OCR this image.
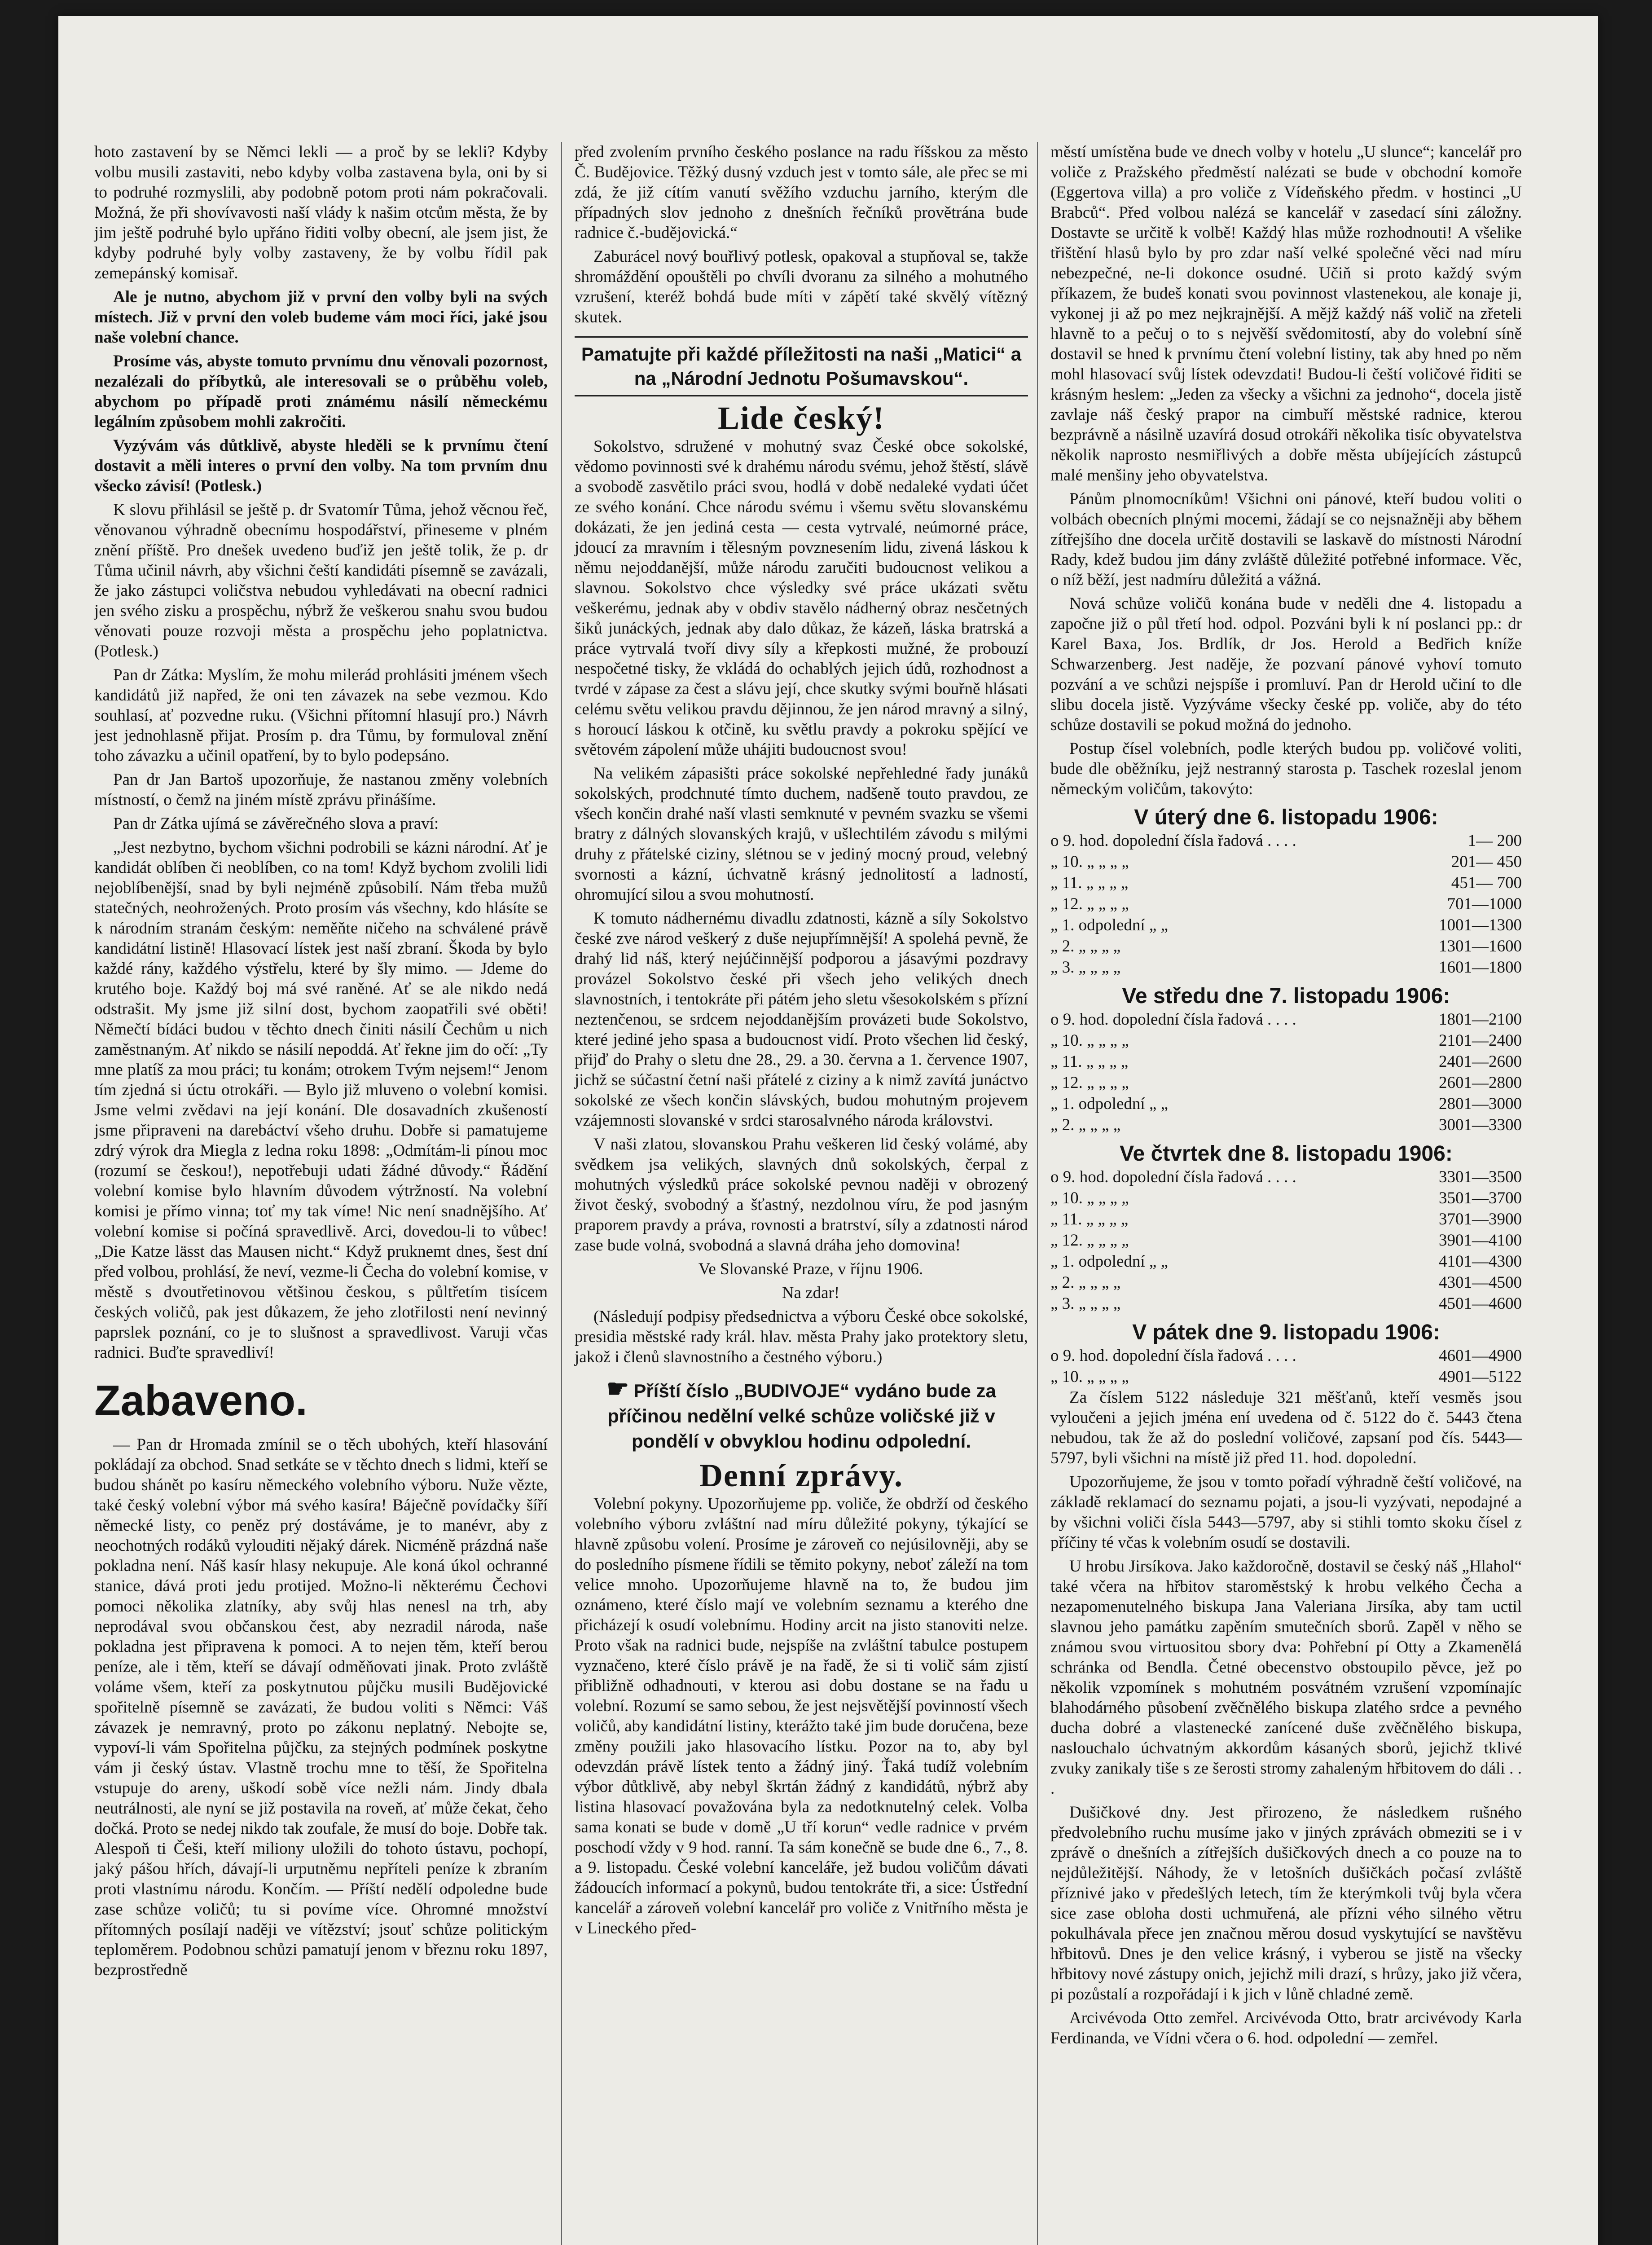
hoto zastavení by se Němci lekli — a proč by se lekli? Kdyby volbu musili zastaviti, nebo kdyby volba zastavena byla, oni by si to podruhé rozmyslili, aby podobně potom proti nám pokračovali. Možná, že při shovívavosti naší vlády k našim otcům města, že by jim ještě podruhé bylo upřáno řiditi volby obecní, ale jsem jist, že kdyby podruhé byly volby zastaveny, že by volbu řídil pak zemepánský komisař.

Ale je nutno, abychom již v první den volby byli na svých místech. Již v první den voleb budeme vám moci říci, jaké jsou naše volební chance.

Prosíme vás, abyste tomuto prvnímu dnu věnovali pozornost, nezalézali do příbytků, ale interesovali se o průběhu voleb, abychom po případě proti známému násilí německému legálním způsobem mohli zakročiti.

Vyzývám vás důtklivě, abyste hleděli se k prvnímu čtení dostavit a měli interes o první den volby. Na tom prvním dnu všecko závisí! (Potlesk.)

K slovu přihlásil se ještě p. dr Svatomír Tůma, jehož věcnou řeč, věnovanou výhradně obecnímu hospodářství, přineseme v plném znění příště. Pro dnešek uvedeno buďiž jen ještě tolik, že p. dr Tůma učinil návrh, aby všichni čeští kandidáti písemně se zavázali, že jako zástupci voličstva nebudou vyhledávati na obecní radnici jen svého zisku a prospěchu, nýbrž že veškerou snahu svou budou věnovati pouze rozvoji města a prospěchu jeho poplatnictva. (Potlesk.)

Pan dr Zátka: Myslím, že mohu milerád prohlásiti jménem všech kandidátů již napřed, že oni ten závazek na sebe vezmou. Kdo souhlasí, ať pozvedne ruku. (Všichni přítomní hlasují pro.) Návrh jest jednohlasně přijat. Prosím p. dra Tůmu, by formuloval znění toho závazku a učinil opatření, by to bylo podepsáno.

Pan dr Jan Bartoš upozorňuje, že nastanou změny volebních místností, o čemž na jiném místě zprávu přinášíme.

Pan dr Zátka ujímá se závěrečného slova a praví:

„Jest nezbytno, bychom všichni podrobili se kázni národní. Ať je kandidát oblíben či neoblíben, co na tom! Když bychom zvolili lidi nejoblíbenější, snad by byli nejméně způsobilí. Nám třeba mužů statečných, neohrožených. Proto prosím vás všechny, kdo hlásíte se k národním stranám českým: neměňte ničeho na schválené právě kandidátní listině! Hlasovací lístek jest naší zbraní. Škoda by bylo každé rány, každého výstřelu, které by šly mimo. — Jdeme do krutého boje. Každý boj má své raněné. Ať se ale nikdo nedá odstrašit. My jsme již silní dost, bychom zaopatřili své oběti! Němečtí bídáci budou v těchto dnech činiti násilí Čechům u nich zaměstnaným. Ať nikdo se násilí nepoddá. Ať řekne jim do očí: „Ty mne platíš za mou práci; tu konám; otrokem Tvým nejsem!“ Jenom tím zjedná si úctu otrokáři. — Bylo již mluveno o volební komisi. Jsme velmi zvědavi na její konání. Dle dosavadních zkušeností jsme připraveni na darebáctví všeho druhu. Dobře si pamatujeme zdrý výrok dra Miegla z ledna roku 1898: „Odmítám-li pínou moc (rozumí se českou!), nepotřebuji udati žádné důvody.“ Řádění volební komise bylo hlavním důvodem výtržností. Na volební komisi je přímo vinna; toť my tak víme! Nic není snadnějšího. Ať volební komise si počíná spravedlivě. Arci, dovedou-li to vůbec! „Die Katze lässt das Mausen nicht.“ Když pruknemt dnes, šest dní před volbou, prohlásí, že neví, vezme-li Čecha do volební komise, v městě s dvoutřetinovou většinou českou, s půltřetím tisícem českých voličů, pak jest důkazem, že jeho zlotřilosti není nevinný paprslek poznání, co je to slušnost a spravedlivost. Varuji včas radnici. Buďte spravedliví!

Zabaveno.

— Pan dr Hromada zmínil se o těch ubohých, kteří hlasování pokládají za obchod. Snad setkáte se v těchto dnech s lidmi, kteří se budou shánět po kasíru německého volebního výboru. Nuže vězte, také český volební výbor má svého kasíra! Báječně povídačky šíří německé listy, co peněz prý dostáváme, je to manévr, aby z neochotných rodáků vylouditi nějaký dárek. Nicméně prázdná naše pokladna není. Náš kasír hlasy nekupuje. Ale koná úkol ochranné stanice, dává proti jedu protijed. Možno-li některému Čechovi pomoci několika zlatníky, aby svůj hlas nenesl na trh, aby neprodával svou občanskou čest, aby nezradil národa, naše pokladna jest připravena k pomoci. A to nejen těm, kteří berou peníze, ale i těm, kteří se dávají odměňovati jinak. Proto zvláště voláme všem, kteří za poskytnutou půjčku musili Budějovické spořitelně písemně se zavázati, že budou voliti s Němci: Váš závazek je nemravný, proto po zákonu neplatný. Nebojte se, vypoví-li vám Spořitelna půjčku, za stejných podmínek poskytne vám ji český ústav. Vlastně trochu mne to těší, že Spořitelna vstupuje do areny, uškodí sobě více nežli nám. Jindy dbala neutrálnosti, ale nyní se již postavila na roveň, ať může čekat, čeho dočká. Proto se nedej nikdo tak zoufale, že musí do boje. Dobře tak. Alespoň ti Češi, kteří miliony uložili do tohoto ústavu, pochopí, jaký pášou hřích, dávají-li urputněmu nepříteli peníze k zbraním proti vlastnímu národu. Končím. — Příští nedělí odpoledne bude zase schůze voličů; tu si povíme více. Ohromné množství přítomných posílají naději ve vítězství; jsouť schůze politickým teploměrem. Podobnou schůzi pamatují jenom v březnu roku 1897, bezprostředně

před zvolením prvního českého poslance na radu říšskou za město Č. Budějovice. Těžký dusný vzduch jest v tomto sále, ale přec se mi zdá, že již cítím vanutí svěžího vzduchu jarního, kterým dle případných slov jednoho z dnešních řečníků provětrána bude radnice č.-budějovická.“

Zaburácel nový bouřlivý potlesk, opakoval a stupňoval se, takže shromáždění opouštěli po chvíli dvoranu za silného a mohutného vzrušení, kteréž bohdá bude míti v zápětí také skvělý vítězný skutek.

Pamatujte při každé příležitosti na naši „Matici“ a na „Národní Jednotu Pošumavskou“.
Lide český!

Sokolstvo, sdružené v mohutný svaz České obce sokolské, vědomo povinnosti své k drahému národu svému, jehož štěstí, slávě a svobodě zasvětilo práci svou, hodlá v době nedaleké vydati účet ze svého konání. Chce národu svému i všemu světu slovanskému dokázati, že jen jediná cesta — cesta vytrvalé, neúmorné práce, jdoucí za mravním i tělesným povznesením lidu, zivená láskou k němu nejoddanější, může národu zaručiti budoucnost velikou a slavnou. Sokolstvo chce výsledky své práce ukázati světu veškerému, jednak aby v obdiv stavělo nádherný obraz nesčetných šiků junáckých, jednak aby dalo důkaz, že kázeň, láska bratrská a práce vytrvalá tvoří divy síly a křepkosti mužné, že probouzí nespočetné tisky, že vkládá do ochablých jejich údů, rozhodnost a tvrdé v zápase za čest a slávu její, chce skutky svými bouřně hlásati celému světu velikou pravdu dějinnou, že jen národ mravný a silný, s horoucí láskou k otčině, ku světlu pravdy a pokroku spějící ve světovém zápolení může uhájiti budoucnost svou!

Na velikém zápasišti práce sokolské nepřehledné řady junáků sokolských, prodchnuté tímto duchem, nadšeně touto pravdou, ze všech končin drahé naší vlasti semknuté v pevném svazku se všemi bratry z dálných slovanských krajů, v ušlechtilém závodu s milými druhy z přátelské ciziny, slétnou se v jediný mocný proud, velebný svornosti a kázní, úchvatně krásný jednolitostí a ladností, ohromující silou a svou mohutností.

K tomuto nádhernému divadlu zdatnosti, kázně a síly Sokolstvo české zve národ veškerý z duše nejupřímnější! A spolehá pevně, že drahý lid náš, který nejúčinnější podporou a jásavými pozdravy provázel Sokolstvo české při všech jeho velikých dnech slavnostních, i tentokráte při pátém jeho sletu všesokolském s přízní neztenčenou, se srdcem nejoddanějším provázeti bude Sokolstvo, které jediné jeho spasa a budoucnost vidí. Proto všechen lid český, přijď do Prahy o sletu dne 28., 29. a 30. června a 1. července 1907, jichž se súčastní četní naši přátelé z ciziny a k nimž zavítá junáctvo sokolské ze všech končin slávských, budou mohutným projevem vzájemnosti slovanské v srdci starosalvného národa královstvi.

V naši zlatou, slovanskou Prahu veškeren lid český volámé, aby svědkem jsa velikých, slavných dnů sokolských, čerpal z mohutných výsledků práce sokolské pevnou naději v obrozený život český, svobodný a šťastný, nezdolnou víru, že pod jasným praporem pravdy a práva, rovnosti a bratrství, síly a zdatnosti národ zase bude volná, svobodná a slavná dráha jeho domovina!

Ve Slovanské Praze, v říjnu 1906.

Na zdar!

(Následují podpisy předsednictva a výboru České obce sokolské, presidia městské rady král. hlav. města Prahy jako protektory sletu, jakož i členů slavnostního a čestného výboru.)

☛ Příští číslo „BUDIVOJE“ vydáno bude za příčinou nedělní velké schůze voličské již v pondělí v obvyklou hodinu odpolední.
Denní zprávy.

Volební pokyny. Upozorňujeme pp. voliče, že obdrží od českého volebního výboru zvláštní nad míru důležité pokyny, týkající se hlavně způsobu volení. Prosíme je zároveň co nejúsilovněji, aby se do posledního písmene řídili se těmito pokyny, neboť záleží na tom velice mnoho. Upozorňujeme hlavně na to, že budou jim oznámeno, které číslo mají ve volebním seznamu a kterého dne přicházejí k osudí volebnímu. Hodiny arcit na jisto stanoviti nelze. Proto však na radnici bude, nejspíše na zvláštní tabulce postupem vyznačeno, které číslo právě je na řadě, že si ti volič sám zjistí přibližně odhadnouti, v kterou asi dobu dostane se na řadu u volební. Rozumí se samo sebou, že jest nejsvětější povinností všech voličů, aby kandidátní listiny, kterážto také jim bude doručena, beze změny použili jako hlasovacího lístku. Pozor na to, aby byl odevzdán právě lístek tento a žádný jiný. Ťaká tudíž volebním výbor důtklivě, aby nebyl škrtán žádný z kandidátů, nýbrž aby listina hlasovací považována byla za nedotknutelný celek. Volba sama konati se bude v domě „U tří korun“ vedle radnice v prvém poschodí vždy v 9 hod. ranní. Ta sám konečně se bude dne 6., 7., 8. a 9. listopadu. České volební kanceláře, jež budou voličům dávati žádoucích informací a pokynů, budou tentokráte tři, a sice: Ústřední kancelář a zároveň volební kancelář pro voliče z Vnitřního města je v Lineckého před-

městí umístěna bude ve dnech volby v hotelu „U slunce“; kancelář pro voliče z Pražského předměstí nalézati se bude v obchodní komoře (Eggertova villa) a pro voliče z Vídeňského předm. v hostinci „U Brabců“. Před volbou nalézá se kancelář v zasedací síni záložny. Dostavte se určitě k volbě! Každý hlas může rozhodnouti! A všelike třištění hlasů bylo by pro zdar naší velké společné věci nad míru nebezpečné, ne-li dokonce osudné. Učiň si proto každý svým příkazem, že budeš konati svou povinnost vlastenekou, ale konaje ji, vykonej ji až po mez nejkrajnější. A mějž každý náš volič na zřeteli hlavně to a pečuj o to s nejvěší svědomitostí, aby do volební síně dostavil se hned k prvnímu čtení volební listiny, tak aby hned po něm mohl hlasovací svůj lístek odevzdati! Budou-li čeští voličové řiditi se krásným heslem: „Jeden za všecky a všichni za jednoho“, docela jistě zavlaje náš český prapor na cimbuří městské radnice, kterou bezprávně a násilně uzavírá dosud otrokáři několika tisíc obyvatelstva několik naprosto nesmiřlivých a dobře města ubíjejících zástupců malé menšiny jeho obyvatelstva.

Pánům plnomocníkům! Všichni oni pánové, kteří budou voliti o volbách obecních plnými mocemi, žádají se co nejsnažněji aby během zítřejšího dne docela určitě dostavili se laskavě do místnosti Národní Rady, kdež budou jim dány zvláště důležité potřebné informace. Věc, o níž běží, jest nadmíru důležitá a vážná.

Nová schůze voličů konána bude v neděli dne 4. listopadu a započne již o půl třetí hod. odpol. Pozváni byli k ní poslanci pp.: dr Karel Baxa, Jos. Brdlík, dr Jos. Herold a Bedřich kníže Schwarzenberg. Jest naděje, že pozvaní pánové vyhoví tomuto pozvání a ve schůzi nejspíše i promluví. Pan dr Herold učiní to dle slibu docela jistě. Vyzýváme všecky české pp. voliče, aby do této schůze dostavili se pokud možná do jednoho.

Postup čísel volebních, podle kterých budou pp. voličové voliti, bude dle oběžníku, jejž nestranný starosta p. Taschek rozeslal jenom německým voličům, takovýto:

V úterý dne 6. listopadu 1906:
o 9. hod. dopolední čísla řadová . . . .	1— 200
„ 10. „ „ „ „	201— 450
„ 11. „ „ „ „	451— 700
„ 12. „ „ „ „	701—1000
„ 1. odpolední „ „	1001—1300
„ 2. „ „ „ „	1301—1600
„ 3. „ „ „ „	1601—1800
Ve středu dne 7. listopadu 1906:
o 9. hod. dopolední čísla řadová . . . .	1801—2100
„ 10. „ „ „ „	2101—2400
„ 11. „ „ „ „	2401—2600
„ 12. „ „ „ „	2601—2800
„ 1. odpolední „ „	2801—3000
„ 2. „ „ „ „	3001—3300
Ve čtvrtek dne 8. listopadu 1906:
o 9. hod. dopolední čísla řadová . . . .	3301—3500
„ 10. „ „ „ „	3501—3700
„ 11. „ „ „ „	3701—3900
„ 12. „ „ „ „	3901—4100
„ 1. odpolední „ „	4101—4300
„ 2. „ „ „ „	4301—4500
„ 3. „ „ „ „	4501—4600
V pátek dne 9. listopadu 1906:
o 9. hod. dopolední čísla řadová . . . .	4601—4900
„ 10. „ „ „ „	4901—5122

Za číslem 5122 následuje 321 měšťanů, kteří vesměs jsou vyloučeni a jejich jména ení uvedena od č. 5122 do č. 5443 čtena nebudou, tak že až do poslední voličové, zapsaní pod čís. 5443—5797, byli všichni na místě již před 11. hod. dopolední.

Upozorňujeme, že jsou v tomto pořadí výhradně čeští voličové, na základě reklamací do seznamu pojati, a jsou-li vyzývati, nepodajné a by všichni voliči čísla 5443—5797, aby si stihli tomto skoku čísel z příčiny té včas k volebním osudí se dostavili.

U hrobu Jirsíkova. Jako každoročně, dostavil se český náš „Hlahol“ také včera na hřbitov staroměstský k hrobu velkého Čecha a nezapomenutelného biskupa Jana Valeriana Jirsíka, aby tam uctil slavnou jeho památku zapěním smutečních sborů. Zapěl v něho se známou svou virtuositou sbory dva: Pohřební pí Otty a Zkamenělá schránka od Bendla. Četné obecenstvo obstoupilo pěvce, jež po několik vzpomínek s mohutném posvátném vzrušení vzpomínajíc blahodárného působení zvěčnělého biskupa zlatého srdce a pevného ducha dobré a vlastenecké zanícené duše zvěčnělého biskupa, naslouchalo úchvatným akkordům kásaných sborů, jejichž tklivé zvuky zanikaly tiše s ze šerosti stromy zahaleným hřbitovem do dáli . . .

Dušičkové dny. Jest přirozeno, že následkem rušného předvolebního ruchu musíme jako v jiných zprávách obmeziti se i v zprávě o dnešních a zítřejších dušičkových dnech a co pouze na to nejdůležitější. Náhody, že v letošních dušičkách počasí zvláště příznivé jako v předešlých letech, tím že kterýmkoli tvůj byla včera sice zase obloha dosti uchmuřená, ale přízni vého silného větru pokulhávala přece jen značnou měrou dosud vyskytující se navštěvu hřbitovů. Dnes je den velice krásný, i vyberou se jistě na všecky hřbitovy nové zástupy onich, jejichž mili drazí, s hrůzy, jako již včera, pi pozůstalí a rozpořádají i k jich v lůně chladné země.

Arcivévoda Otto zemřel. Arcivévoda Otto, bratr arcivévody Karla Ferdinanda, ve Vídni včera o 6. hod. odpolední — zemřel.
